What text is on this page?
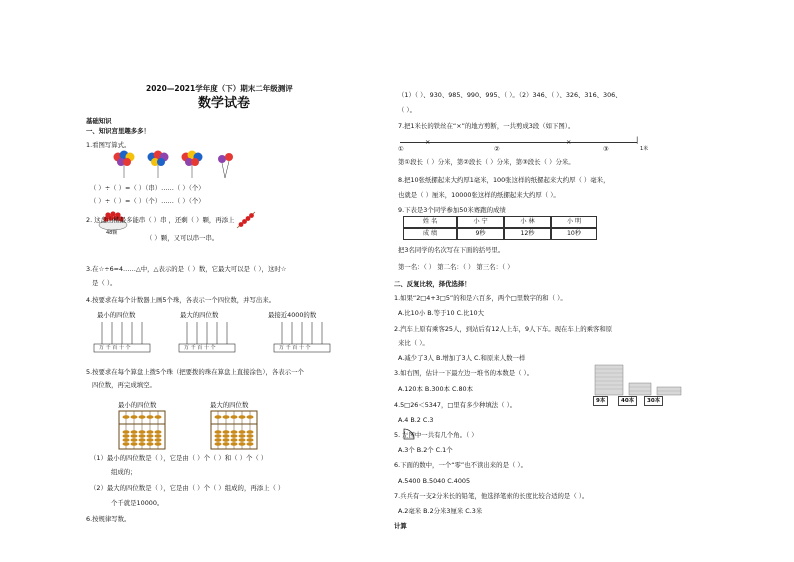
2020—2021学年度（下）期末二年级测评
数学试卷
基础知识
一、知识宫里趣多多！
1.看图写算式。
（ ）÷（ ）=（ ）（串）……（ ）（个）
（ ）÷（ ）=（ ）（个）……（ ）（个）
48颗
2. 这盘山楂最多能串（ ）串 ，还剩（ ）颗，再添上
（ ）颗，又可以串一串。
3.在☆÷6=4……△中，△表示的是（ ）数，它最大可以是（ ），这时☆
是（ ）。
4.按要求在每个计数器上画5个珠，各表示一个四位数，并写出来。
最小的四位数	最大的四位数	最接近4000的数
万 千 百 十 个	万 千 百 十 个	万 千 百 十 个
5.按要求在每个算盘上拨5个珠（把要拨的珠在算盘上直接涂色），各表示一个
四位数，再完成填空。
最小的四位数	最大的四位数
（1）最小的四位数是（ ），它是由（ ）个（ ）和（ ）个（ ）
组成的；
（2）最大的四位数是（ ），它是由（ ）个（ ）组成的，再添上（ ）
个千就是10000。
6.按规律写数。
（1）（ ）、930、985、990、995、（ ）。（2）346、（ ）、326、316、306、
（ ）。
7.把1米长的铁丝在“×”的地方剪断，一共剪成3段（如下图）。
×	×	|
①	②	③	1米
第①段长（ ）分米，第②段长（ ）分米，第③段长（ ）分米。
8.把10张纸摞起来大约厚1毫米，100张这样的纸摞起来大约厚（ ）毫米，
也就是（ ）厘米，10000张这样的纸摞起来大约厚（ ）。
9.下表是3个同学参加50米赛跑的成绩
姓 名	小 宁	小 林	小 明
成 绩	9秒	12秒	10秒
把3名同学的名次写在下面的括号里。
第一名：（ ） 第二名：（ ） 第三名：（ ）
二、反复比较，择优选择！
1.如果“2□4+3□5”的和是六百多，两个□里数字的和（ ）。
A.比10小 B.等于10 C.比10大
2.汽车上原有乘客25人，到站后有12人上车，9人下车。现在车上的乘客和原
来比（ ）。
A.减少了3人 B.增加了3人 C.和原来人数一样
3.如右图，估计一下最左边一堆书的本数是（ ）。
A.120本 B.300本 C.80本
9本	40本	30本
4.5□26＜5347，□里有多少种填法（ ）。
A.4 B.2 C.3
5. 左图中一共有几个角。（ ）
A.3个 B.2个 C.1个
6.下面的数中，一个“零”也不读出来的是（ ）。
A.5400 B.5040 C.4005
7.兵兵有一支2分米长的铅笔，他选择笔索的长度比较合适的是（ ）。
A.2毫米 B.2分米3厘米 C.3米
计算
